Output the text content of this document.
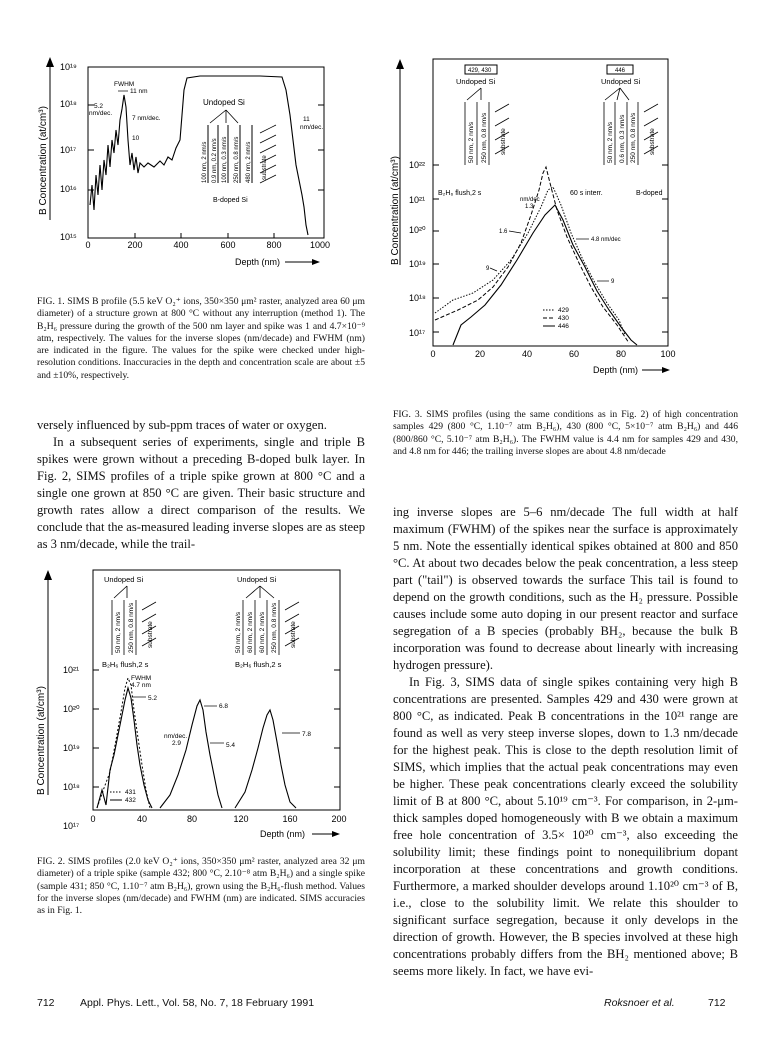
B Concentration (at/cm³)
10¹⁹
10¹⁸
10¹⁷
10¹⁶
10¹⁵
0	200	400	600	800	1000
Depth (nm)
FWHM
11 nm
5.2
nm/dec.
7 nm/dec.
10
11
nm/dec.
Undoped Si
B-doped Si
100 nm, 2 nm/s 0.9 nm, 0.2 nm/s 100 nm, 0.3 nm/s 250 nm, 0.8 nm/s 480 nm, 2 nm/s substrate
FIG. 1. SIMS B profile (5.5 keV O₂⁺ ions, 350×350 μm² raster, analyzed area 60 μm diameter) of a structure grown at 800 °C without any interruption (method 1). The B₂H₆ pressure during the growth of the 500 nm layer and spike was 1 and 4.7×10⁻⁹ atm, respectively. The values for the inverse slopes (nm/decade) and FWHM (nm) are indicated in the figure. The values for the spike were checked under high-resolution conditions. Inaccuracies in the depth and concentration scale are about ±5 and ±10%, respectively.

versely influenced by sub-ppm traces of water or oxygen.

In a subsequent series of experiments, single and triple B spikes were grown without a preceding B-doped bulk layer. In Fig. 2, SIMS profiles of a triple spike grown at 800 °C and a single one grown at 850 °C are given. Their basic structure and growth rates allow a direct comparison of the results. We conclude that the as-measured leading inverse slopes are as steep as 3 nm/decade, while the trail-

B Concentration (at/cm³)
10²¹
10²⁰
10¹⁹
10¹⁸
10¹⁷
FWHM
4.7 nm
5.2
nm/dec.
2.9
6.8
5.4
7.8
431
432
Undoped Si	Undoped Si
50 nm, 2 nm/s 250 nm, 0.8 nm/s substrate	50 nm, 2 nm/s 60 nm, 2 nm/s 60 nm, 2 nm/s 250 nm, 0.8 nm/s substrate
B₂H₆ flush,2 s	B₂H₆ flush,2 s
0	40	80	120	160	200
Depth (nm)
FIG. 2. SIMS profiles (2.0 keV O₂⁺ ions, 350×350 μm² raster, analyzed area 32 μm diameter) of a triple spike (sample 432; 800 °C, 2.10⁻⁸ atm B₂H₆) and a single spike (sample 431; 850 °C, 1.10⁻⁷ atm B₂H₆), grown using the B₂H₆-flush method. Values for the inverse slopes (nm/decade) and FWHM (nm) are indicated. SIMS accuracies as in Fig. 1.
B Concentration (at/cm³) 10²²
10²¹
10²⁰
10¹⁹
10¹⁸
10¹⁷
0	20	40	60	80	100
Depth (nm)
429
430
446
429, 430	446
Undoped Si	Undoped Si
50 nm, 2 nm/s 250 nm, 0.8 nm/s substrate	50 nm, 2 nm/s 0.6 nm, 0.3 nm/s 250 nm, 0.8 nm/s substrate
B₂H₆ flush,2 s	60 s interr.	B-doped
nm/dec
1.3
1.6
4.8 nm/dec
9
9
FIG. 3. SIMS profiles (using the same conditions as in Fig. 2) of high concentration samples 429 (800 °C, 1.10⁻⁷ atm B₂H₆), 430 (800 °C, 5×10⁻⁷ atm B₂H₆) and 446 (800/860 °C, 5.10⁻⁷ atm B₂H₆). The FWHM value is 4.4 nm for samples 429 and 430, and 4.8 nm for 446; the trailing inverse slopes are about 4.8 nm/decade

ing inverse slopes are 5–6 nm/decade The full width at half maximum (FWHM) of the spikes near the surface is approximately 5 nm. Note the essentially identical spikes obtained at 800 and 850 °C. At about two decades below the peak concentration, a less steep part ("tail") is observed towards the surface This tail is found to depend on the growth conditions, such as the H₂ pressure. Possible causes include some auto doping in our present reactor and surface segregation of a B species (probably BH₂, because the bulk B incorporation was found to decrease about linearly with increasing hydrogen pressure).

In Fig. 3, SIMS data of single spikes containing very high B concentrations are presented. Samples 429 and 430 were grown at 800 °C, as indicated. Peak B concentrations in the 10²¹ range are found as well as very steep inverse slopes, down to 1.3 nm/decade for the highest peak. This is close to the depth resolution limit of SIMS, which implies that the actual peak concentrations may even be higher. These peak concentrations clearly exceed the solubility limit of B at 800 °C, about 5.10¹⁹ cm⁻³. For comparison, in 2-μm-thick samples doped homogeneously with B we obtain a maximum free hole concentration of 3.5× 10²⁰ cm⁻³, also exceeding the solubility limit; these findings point to nonequilibrium dopant incorporation at these concentrations and growth conditions. Furthermore, a marked shoulder develops around 1.10²⁰ cm⁻³ of B, i.e., close to the solubility limit. We relate this shoulder to significant surface segregation, because it only develops in the direction of growth. However, the B species involved at these high concentrations probably differs from the BH₂ mentioned above; B seems more likely. In fact, we have evi-

712 Appl. Phys. Lett., Vol. 58, No. 7, 18 February 1991	Roksnoer et al.	712
